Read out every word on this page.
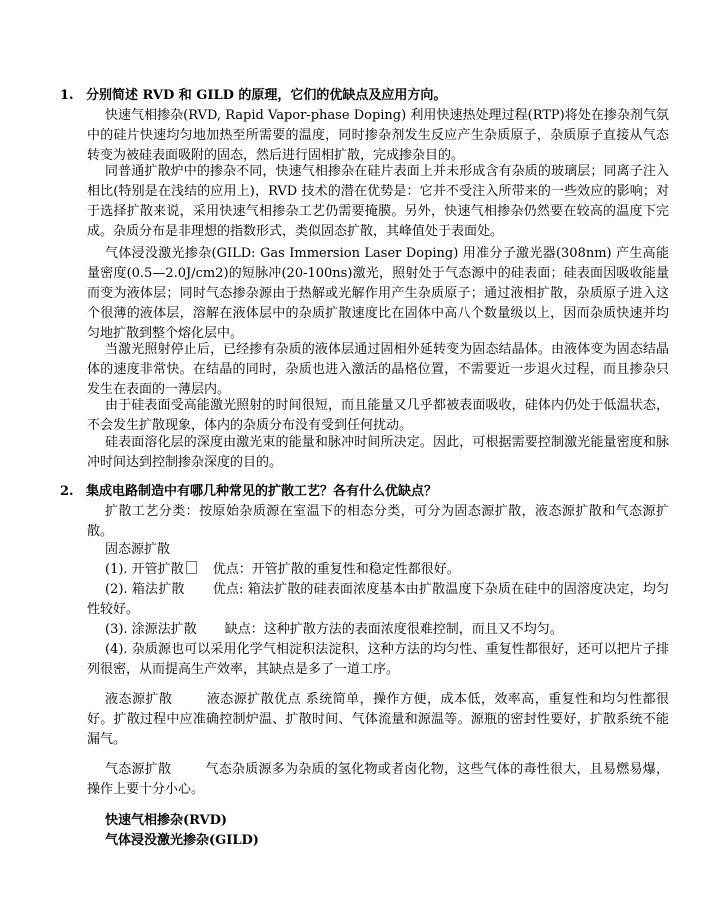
1. 分别简述 RVD 和 GILD 的原理，它们的优缺点及应用方向。
快速气相掺杂(RVD, Rapid Vapor-phase Doping) 利用快速热处理过程(RTP)将处在掺杂剂气氛中的硅片快速均匀地加热至所需要的温度，同时掺杂剂发生反应产生杂质原子，杂质原子直接从气态转变为被硅表面吸附的固态，然后进行固相扩散，完成掺杂目的。
同普通扩散炉中的掺杂不同，快速气相掺杂在硅片表面上并未形成含有杂质的玻璃层；同离子注入相比(特别是在浅结的应用上)，RVD 技术的潜在优势是：它并不受注入所带来的一些效应的影响；对于选择扩散来说，采用快速气相掺杂工艺仍需要掩膜。另外，快速气相掺杂仍然要在较高的温度下完成。杂质分布是非理想的指数形式，类似固态扩散，其峰值处于表面处。
气体浸没激光掺杂(GILD: Gas Immersion Laser Doping) 用准分子激光器(308nm) 产生高能量密度(0.5—2.0J/cm2)的短脉冲(20-100ns)激光，照射处于气态源中的硅表面；硅表面因吸收能量而变为液体层；同时气态掺杂源由于热解或光解作用产生杂质原子；通过液相扩散，杂质原子进入这个很薄的液体层，溶解在液体层中的杂质扩散速度比在固体中高八个数量级以上，因而杂质快速并均匀地扩散到整个熔化层中。
当激光照射停止后，已经掺有杂质的液体层通过固相外延转变为固态结晶体。由液体变为固态结晶体的速度非常快。在结晶的同时，杂质也进入激活的晶格位置，不需要近一步退火过程，而且掺杂只发生在表面的一薄层内。
由于硅表面受高能激光照射的时间很短，而且能量又几乎都被表面吸收，硅体内仍处于低温状态，不会发生扩散现象，体内的杂质分布没有受到任何扰动。
硅表面溶化层的深度由激光束的能量和脉冲时间所决定。因此，可根据需要控制激光能量密度和脉冲时间达到控制掺杂深度的目的。
2. 集成电路制造中有哪几种常见的扩散工艺？各有什么优缺点？
扩散工艺分类：按原始杂质源在室温下的相态分类，可分为固态源扩散，液态源扩散和气态源扩散。
固态源扩散
(1). 开管扩散 优点：开管扩散的重复性和稳定性都很好。
(2). 箱法扩散 优点: 箱法扩散的硅表面浓度基本由扩散温度下杂质在硅中的固溶度决定，均匀性较好。
(3). 涂源法扩散 缺点：这种扩散方法的表面浓度很难控制，而且又不均匀。
(4). 杂质源也可以采用化学气相淀积法淀积，这种方法的均匀性、重复性都很好，还可以把片子排列很密，从而提高生产效率，其缺点是多了一道工序。
液态源扩散	液态源扩散优点 系统简单，操作方便，成本低，效率高，重复性和均匀性都很好。扩散过程中应准确控制炉温、扩散时间、气体流量和源温等。源瓶的密封性要好，扩散系统不能漏气。
气态源扩散	气态杂质源多为杂质的氢化物或者卤化物，这些气体的毒性很大，且易燃易爆，操作上要十分小心。
快速气相掺杂(RVD)
气体浸没激光掺杂(GILD)
